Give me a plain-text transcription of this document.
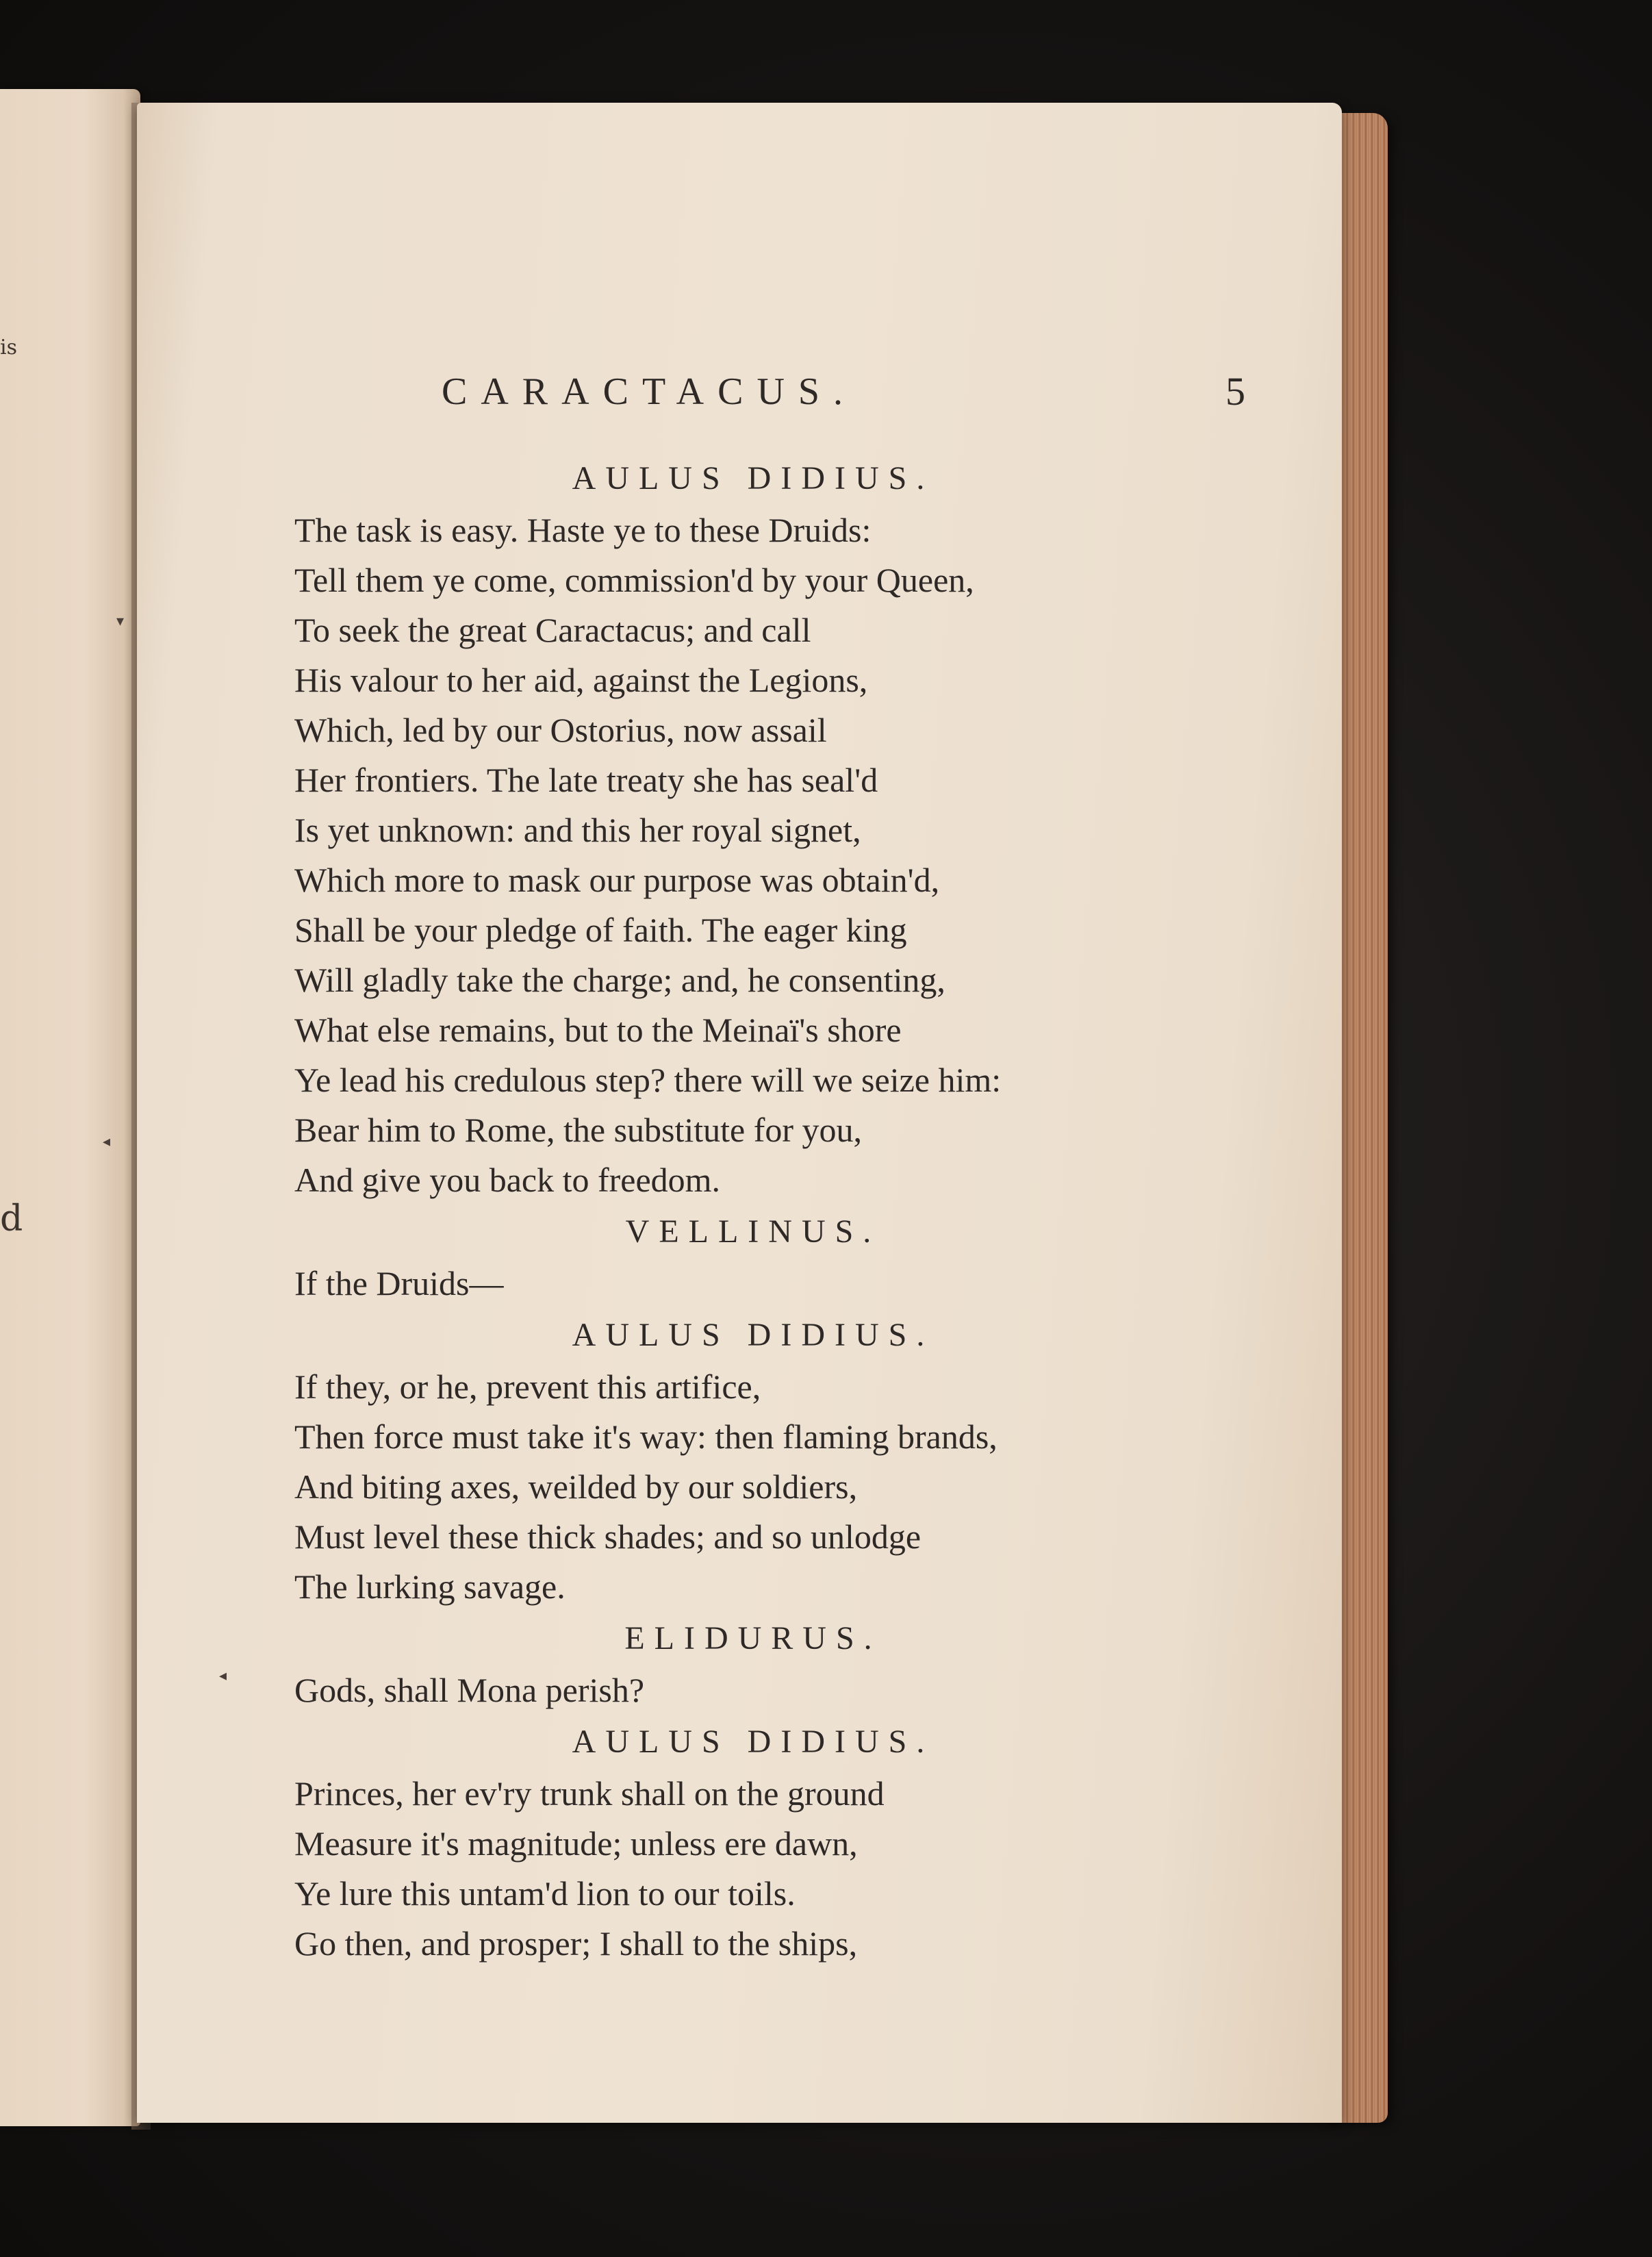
is
d
▾
◂
◂
CARACTACUS.	5

AULUS DIDIUS.

The task is easy. Haste ye to these Druids:

Tell them ye come, commission'd by your Queen,

To seek the great Caractacus; and call

His valour to her aid, against the Legions,

Which, led by our Ostorius, now assail

Her frontiers. The late treaty she has seal'd

Is yet unknown: and this her royal signet,

Which more to mask our purpose was obtain'd,

Shall be your pledge of faith. The eager king

Will gladly take the charge; and, he consenting,

What else remains, but to the Meinaï's shore

Ye lead his credulous step? there will we seize him:

Bear him to Rome, the substitute for you,

And give you back to freedom.

VELLINUS.

If the Druids—

AULUS DIDIUS.

If they, or he, prevent this artifice,

Then force must take it's way: then flaming brands,

And biting axes, weilded by our soldiers,

Must level these thick shades; and so unlodge

The lurking savage.

ELIDURUS.

Gods, shall Mona perish?

AULUS DIDIUS.

Princes, her ev'ry trunk shall on the ground

Measure it's magnitude; unless ere dawn,

Ye lure this untam'd lion to our toils.

Go then, and prosper; I shall to the ships,
